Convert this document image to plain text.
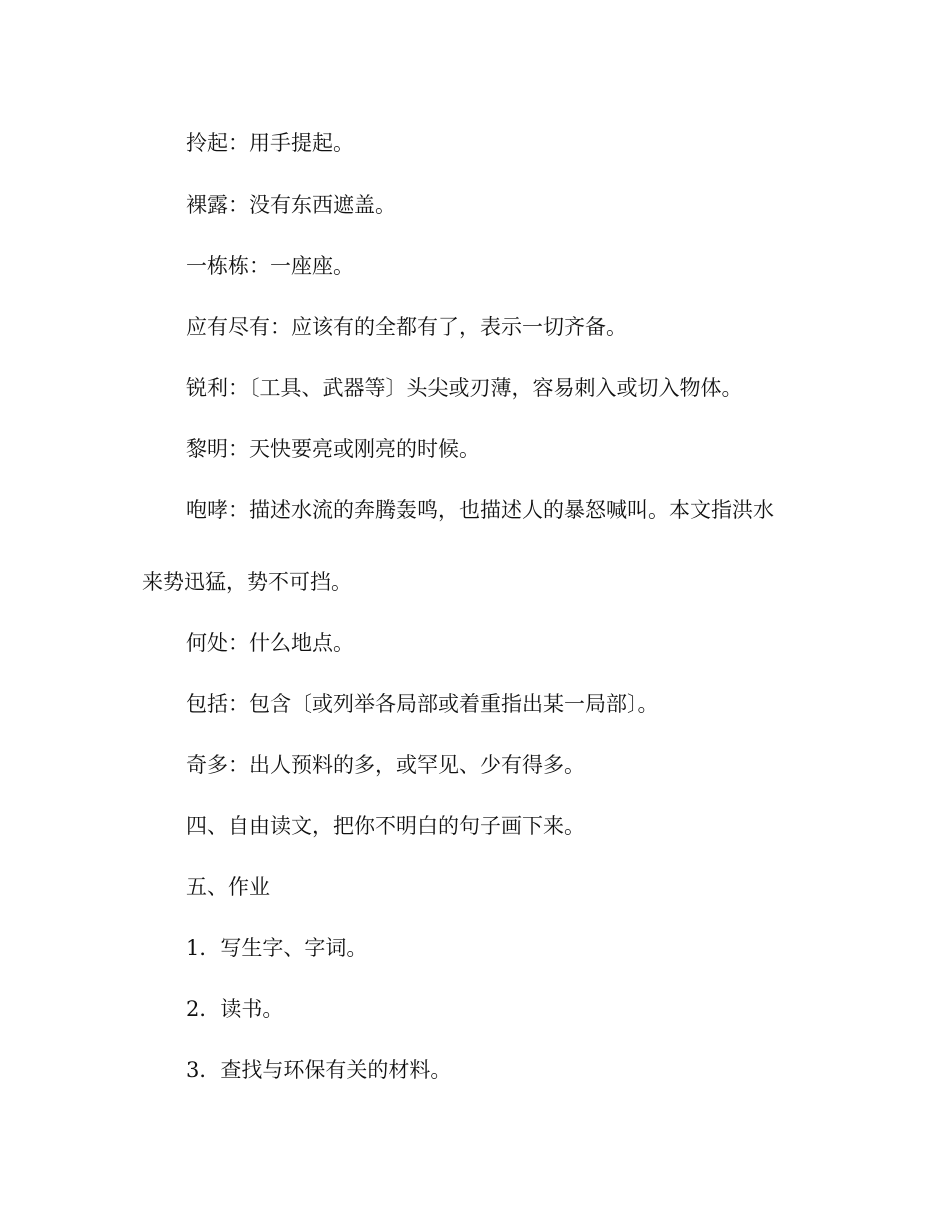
拎起：用手提起。
裸露：没有东西遮盖。
一栋栋：一座座。
应有尽有：应该有的全都有了，表示一切齐备。
锐利：〔工具、武器等〕头尖或刃薄，容易刺入或切入物体。
黎明：天快要亮或刚亮的时候。
咆哮：描述水流的奔腾轰鸣，也描述人的暴怒喊叫。本文指洪水
来势迅猛，势不可挡。
何处：什么地点。
包括：包含〔或列举各局部或着重指出某一局部〕。
奇多：出人预料的多，或罕见、少有得多。
四、自由读文，把你不明白的句子画下来。
五、作业
1．写生字、字词。
2．读书。
3．查找与环保有关的材料。
